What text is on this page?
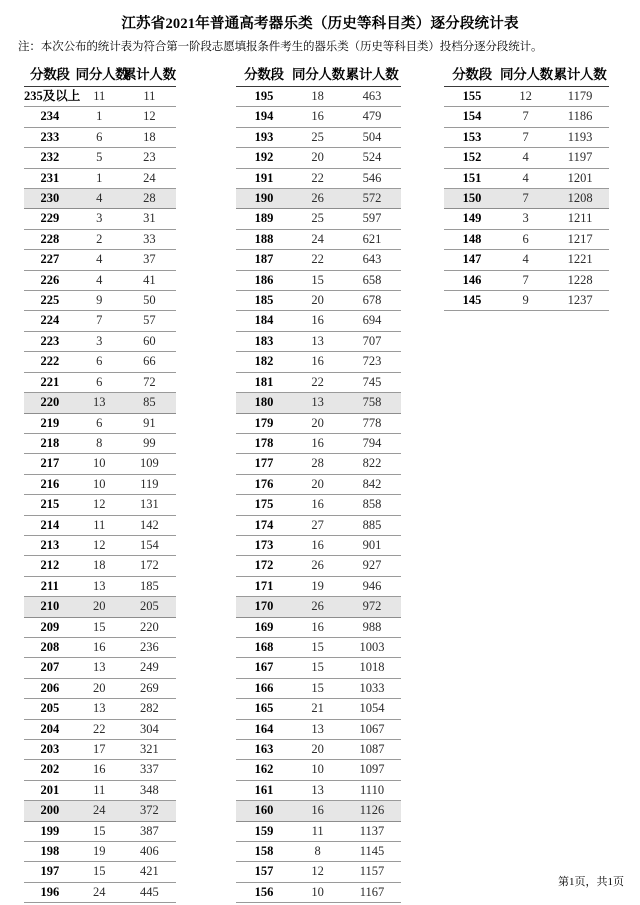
江苏省2021年普通高考器乐类（历史等科目类）逐分段统计表
注：本次公布的统计表为符合第一阶段志愿填报条件考生的器乐类（历史等科目类）投档分逐分段统计。
分数段	同分人数	累计人数
235及以上	11	11
234	1	12
233	6	18
232	5	23
231	1	24
230	4	28
229	3	31
228	2	33
227	4	37
226	4	41
225	9	50
224	7	57
223	3	60
222	6	66
221	6	72
220	13	85
219	6	91
218	8	99
217	10	109
216	10	119
215	12	131
214	11	142
213	12	154
212	18	172
211	13	185
210	20	205
209	15	220
208	16	236
207	13	249
206	20	269
205	13	282
204	22	304
203	17	321
202	16	337
201	11	348
200	24	372
199	15	387
198	19	406
197	15	421
196	24	445
分数段	同分人数	累计人数
195	18	463
194	16	479
193	25	504
192	20	524
191	22	546
190	26	572
189	25	597
188	24	621
187	22	643
186	15	658
185	20	678
184	16	694
183	13	707
182	16	723
181	22	745
180	13	758
179	20	778
178	16	794
177	28	822
176	20	842
175	16	858
174	27	885
173	16	901
172	26	927
171	19	946
170	26	972
169	16	988
168	15	1003
167	15	1018
166	15	1033
165	21	1054
164	13	1067
163	20	1087
162	10	1097
161	13	1110
160	16	1126
159	11	1137
158	8	1145
157	12	1157
156	10	1167
分数段	同分人数	累计人数
155	12	1179
154	7	1186
153	7	1193
152	4	1197
151	4	1201
150	7	1208
149	3	1211
148	6	1217
147	4	1221
146	7	1228
145	9	1237
第1页，共1页
